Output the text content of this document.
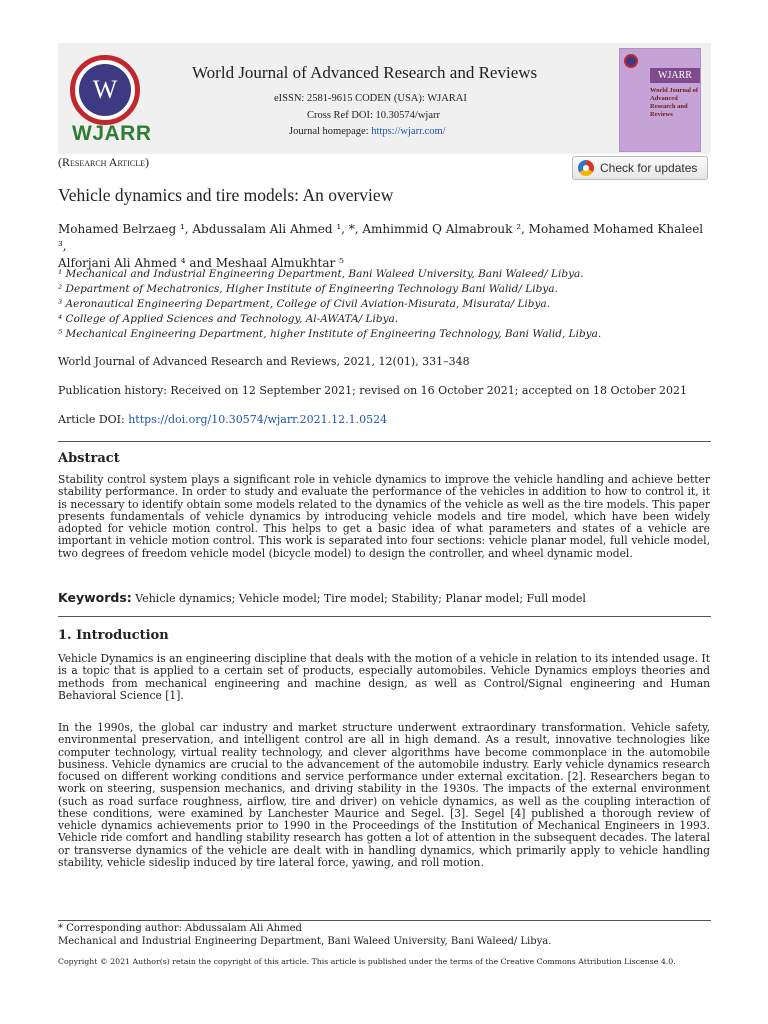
W
WJARR
World Journal of Advanced Research and Reviews
eISSN: 2581-9615 CODEN (USA): WJARAI
Cross Ref DOI: 10.30574/wjarr
Journal homepage: https://wjarr.com/
WJARR
World Journal of Advanced Research and Reviews
(Research Article)	Check for updates
Vehicle dynamics and tire models: An overview
Mohamed Belrzaeg ¹, Abdussalam Ali Ahmed ¹, *, Amhimmid Q Almabrouk ², Mohamed Mohamed Khaleel ³,
Alforjani Ali Ahmed ⁴ and Meshaal Almukhtar ⁵
¹ Mechanical and Industrial Engineering Department, Bani Waleed University, Bani Waleed/ Libya.
² Department of Mechatronics, Higher Institute of Engineering Technology Bani Walid/ Libya.
³ Aeronautical Engineering Department, College of Civil Aviation-Misurata, Misurata/ Libya.
⁴ College of Applied Sciences and Technology, Al-AWATA/ Libya.
⁵ Mechanical Engineering Department, higher Institute of Engineering Technology, Bani Walid, Libya.
World Journal of Advanced Research and Reviews, 2021, 12(01), 331–348
Publication history: Received on 12 September 2021; revised on 16 October 2021; accepted on 18 October 2021
Article DOI: https://doi.org/10.30574/wjarr.2021.12.1.0524
Abstract
Stability control system plays a significant role in vehicle dynamics to improve the vehicle handling and achieve better stability performance. In order to study and evaluate the performance of the vehicles in addition to how to control it, it is necessary to identify obtain some models related to the dynamics of the vehicle as well as the tire models. This paper presents fundamentals of vehicle dynamics by introducing vehicle models and tire model, which have been widely adopted for vehicle motion control. This helps to get a basic idea of what parameters and states of a vehicle are important in vehicle motion control. This work is separated into four sections: vehicle planar model, full vehicle model, two degrees of freedom vehicle model (bicycle model) to design the controller, and wheel dynamic model.
Keywords: Vehicle dynamics; Vehicle model; Tire model; Stability; Planar model; Full model
1. Introduction
Vehicle Dynamics is an engineering discipline that deals with the motion of a vehicle in relation to its intended usage. It is a topic that is applied to a certain set of products, especially automobiles. Vehicle Dynamics employs theories and methods from mechanical engineering and machine design, as well as Control/Signal engineering and Human Behavioral Science [1].
In the 1990s, the global car industry and market structure underwent extraordinary transformation. Vehicle safety, environmental preservation, and intelligent control are all in high demand. As a result, innovative technologies like computer technology, virtual reality technology, and clever algorithms have become commonplace in the automobile business. Vehicle dynamics are crucial to the advancement of the automobile industry. Early vehicle dynamics research focused on different working conditions and service performance under external excitation. [2]. Researchers began to work on steering, suspension mechanics, and driving stability in the 1930s. The impacts of the external environment (such as road surface roughness, airflow, tire and driver) on vehicle dynamics, as well as the coupling interaction of these conditions, were examined by Lanchester Maurice and Segel. [3]. Segel [4] published a thorough review of vehicle dynamics achievements prior to 1990 in the Proceedings of the Institution of Mechanical Engineers in 1993. Vehicle ride comfort and handling stability research has gotten a lot of attention in the subsequent decades. The lateral or transverse dynamics of the vehicle are dealt with in handling dynamics, which primarily apply to vehicle handling stability, vehicle sideslip induced by tire lateral force, yawing, and roll motion.
* Corresponding author: Abdussalam Ali Ahmed
Mechanical and Industrial Engineering Department, Bani Waleed University, Bani Waleed/ Libya.
Copyright © 2021 Author(s) retain the copyright of this article. This article is published under the terms of the Creative Commons Attribution Liscense 4.0.
